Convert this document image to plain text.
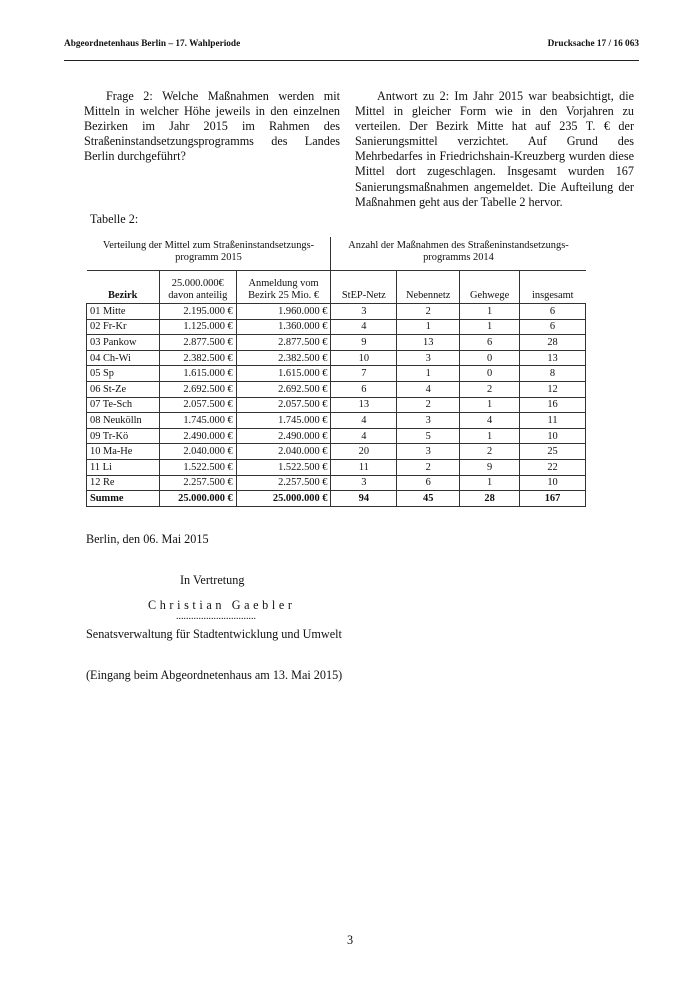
Abgeordnetenhaus Berlin – 17. Wahlperiode	Drucksache 17 / 16 063
Frage 2: Welche Maßnahmen werden mit Mitteln in welcher Höhe jeweils in den einzelnen Bezirken im Jahr 2015 im Rahmen des Straßeninstandsetzungsprogramms des Landes Berlin durchgeführt?
Antwort zu 2: Im Jahr 2015 war beabsichtigt, die Mittel in gleicher Form wie in den Vorjahren zu verteilen. Der Bezirk Mitte hat auf 235 T. € der Sanierungsmittel verzichtet. Auf Grund des Mehrbedarfes in Friedrichshain-Kreuzberg wurden diese Mittel dort zugeschlagen. Insgesamt wurden 167 Sanierungsmaßnahmen angemeldet. Die Aufteilung der Maßnahmen geht aus der Tabelle 2 hervor.
Tabelle 2:
Verteilung der Mittel zum Straßeninstandsetzungs-programm 2015			Anzahl der Maßnahmen des Straßeninstandsetzungs-programms 2014			
Bezirk	25.000.000€ davon anteilig	Anmeldung vom Bezirk 25 Mio. €	StEP-Netz	Nebennetz	Gehwege	insgesamt
01 Mitte	2.195.000 €	1.960.000 €	3	2	1	6
02 Fr-Kr	1.125.000 €	1.360.000 €	4	1	1	6
03 Pankow	2.877.500 €	2.877.500 €	9	13	6	28
04 Ch-Wi	2.382.500 €	2.382.500 €	10	3	0	13
05 Sp	1.615.000 €	1.615.000 €	7	1	0	8
06 St-Ze	2.692.500 €	2.692.500 €	6	4	2	12
07 Te-Sch	2.057.500 €	2.057.500 €	13	2	1	16
08 Neukölln	1.745.000 €	1.745.000 €	4	3	4	11
09 Tr-Kö	2.490.000 €	2.490.000 €	4	5	1	10
10 Ma-He	2.040.000 €	2.040.000 €	20	3	2	25
11 Li	1.522.500 €	1.522.500 €	11	2	9	22
12 Re	2.257.500 €	2.257.500 €	3	6	1	10
Summe	25.000.000 €	25.000.000 €	94	45	28	167
Berlin, den 06. Mai 2015
In Vertretung
Christian Gaebler
................................
Senatsverwaltung für Stadtentwicklung und Umwelt
(Eingang beim Abgeordnetenhaus am 13. Mai 2015)
3
